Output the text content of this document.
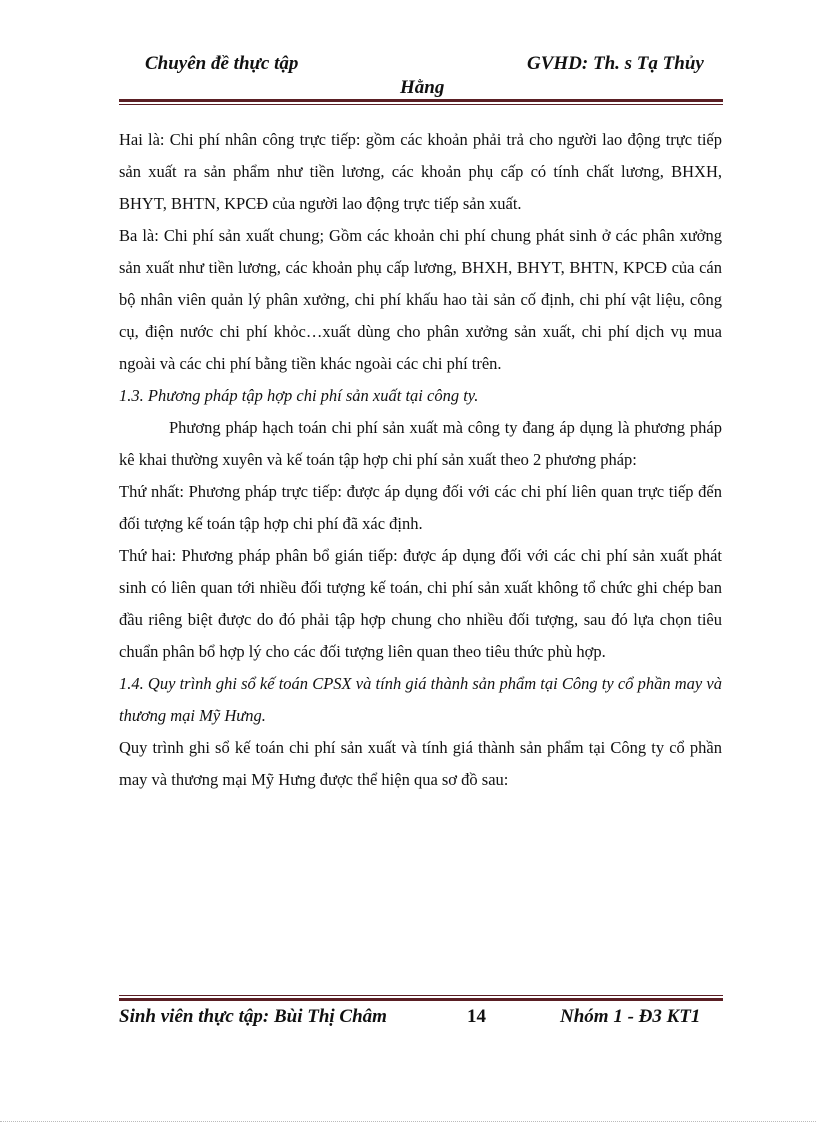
Chuyên đề thực tập	GVHD: Th. s Tạ Thủy
Hằng

Hai là: Chi phí nhân công trực tiếp: gồm các khoản phải trả cho người lao động trực tiếp sản xuất ra sản phẩm như tiền lương, các khoản phụ cấp có tính chất lương, BHXH, BHYT, BHTN, KPCĐ của người lao động trực tiếp sản xuất.

Ba là: Chi phí sản xuất chung; Gồm các khoản chi phí chung phát sinh ở các phân xưởng sản xuất như tiền lương, các khoản phụ cấp lương, BHXH, BHYT, BHTN, KPCĐ của cán bộ nhân viên quản lý phân xưởng, chi phí khấu hao tài sản cố định, chi phí vật liệu, công cụ, điện nước chi phí khỏc…xuất dùng cho phân xưởng sản xuất, chi phí dịch vụ mua ngoài và các chi phí bằng tiền khác ngoài các chi phí trên.

1.3. Phương pháp tập hợp chi phí sản xuất tại công ty.

Phương pháp hạch toán chi phí sản xuất mà công ty đang áp dụng là phương pháp kê khai thường xuyên và kế toán tập hợp chi phí sản xuất theo 2 phương pháp:

Thứ nhất: Phương pháp trực tiếp: được áp dụng đối với các chi phí liên quan trực tiếp đến đối tượng kế toán tập hợp chi phí đã xác định.

Thứ hai: Phương pháp phân bổ gián tiếp: được áp dụng đối với các chi phí sản xuất phát sinh có liên quan tới nhiều đối tượng kế toán, chi phí sản xuất không tổ chức ghi chép ban đầu riêng biệt được do đó phải tập hợp chung cho nhiều đối tượng, sau đó lựa chọn tiêu chuẩn phân bổ hợp lý cho các đối tượng liên quan theo tiêu thức phù hợp.

1.4. Quy trình ghi sổ kế toán CPSX và tính giá thành sản phẩm tại Công ty cổ phần may và thương mại Mỹ Hưng.

Quy trình ghi sổ kế toán chi phí sản xuất và tính giá thành sản phẩm tại Công ty cổ phần may và thương mại Mỹ Hưng được thể hiện qua sơ đồ sau:

Sinh viên thực tập: Bùi Thị Châm	14	Nhóm 1 - Đ3 KT1
